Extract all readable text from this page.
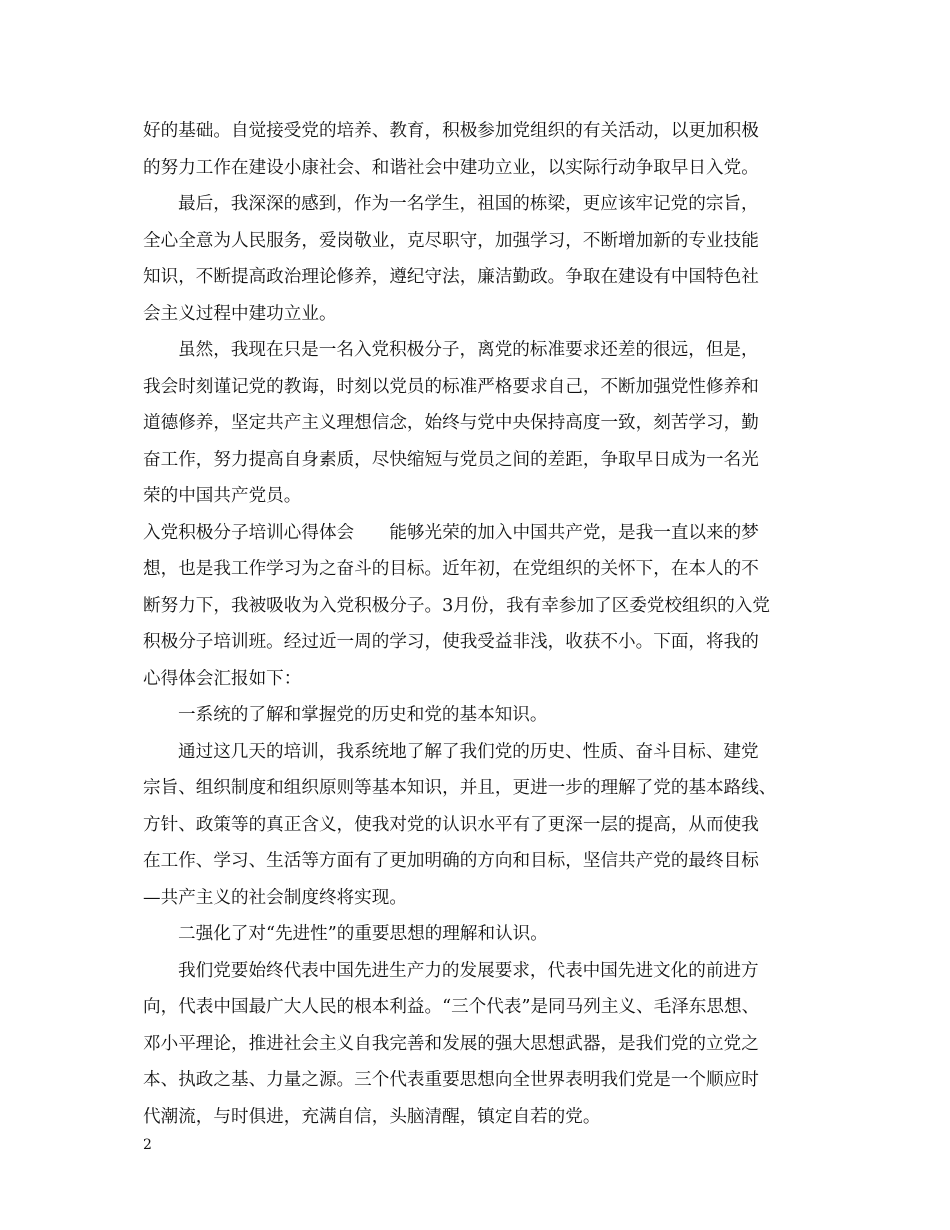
好的基础。自觉接受党的培养、教育，积极参加党组织的有关活动，以更加积极
的努力工作在建设小康社会、和谐社会中建功立业，以实际行动争取早日入党。
最后，我深深的感到，作为一名学生，祖国的栋梁，更应该牢记党的宗旨，
全心全意为人民服务，爱岗敬业，克尽职守，加强学习，不断增加新的专业技能
知识，不断提高政治理论修养，遵纪守法，廉洁勤政。争取在建设有中国特色社
会主义过程中建功立业。
虽然，我现在只是一名入党积极分子，离党的标准要求还差的很远，但是，
我会时刻谨记党的教诲，时刻以党员的标准严格要求自己，不断加强党性修养和
道德修养，坚定共产主义理想信念，始终与党中央保持高度一致，刻苦学习，勤
奋工作，努力提高自身素质，尽快缩短与党员之间的差距，争取早日成为一名光
荣的中国共产党员。
入党积极分子培训心得体会　　能够光荣的加入中国共产党，是我一直以来的梦
想，也是我工作学习为之奋斗的目标。近年初，在党组织的关怀下，在本人的不
断努力下，我被吸收为入党积极分子。3月份，我有幸参加了区委党校组织的入党
积极分子培训班。经过近一周的学习，使我受益非浅，收获不小。下面，将我的
心得体会汇报如下：
一系统的了解和掌握党的历史和党的基本知识。
通过这几天的培训，我系统地了解了我们党的历史、性质、奋斗目标、建党
宗旨、组织制度和组织原则等基本知识，并且，更进一步的理解了党的基本路线、
方针、政策等的真正含义，使我对党的认识水平有了更深一层的提高，从而使我
在工作、学习、生活等方面有了更加明确的方向和目标，坚信共产党的最终目标
—共产主义的社会制度终将实现。
二强化了对“先进性”的重要思想的理解和认识。
我们党要始终代表中国先进生产力的发展要求，代表中国先进文化的前进方
向，代表中国最广大人民的根本利益。“三个代表”是同马列主义、毛泽东思想、
邓小平理论，推进社会主义自我完善和发展的强大思想武器，是我们党的立党之
本、执政之基、力量之源。三个代表重要思想向全世界表明我们党是一个顺应时
代潮流，与时俱进，充满自信，头脑清醒，镇定自若的党。
2
